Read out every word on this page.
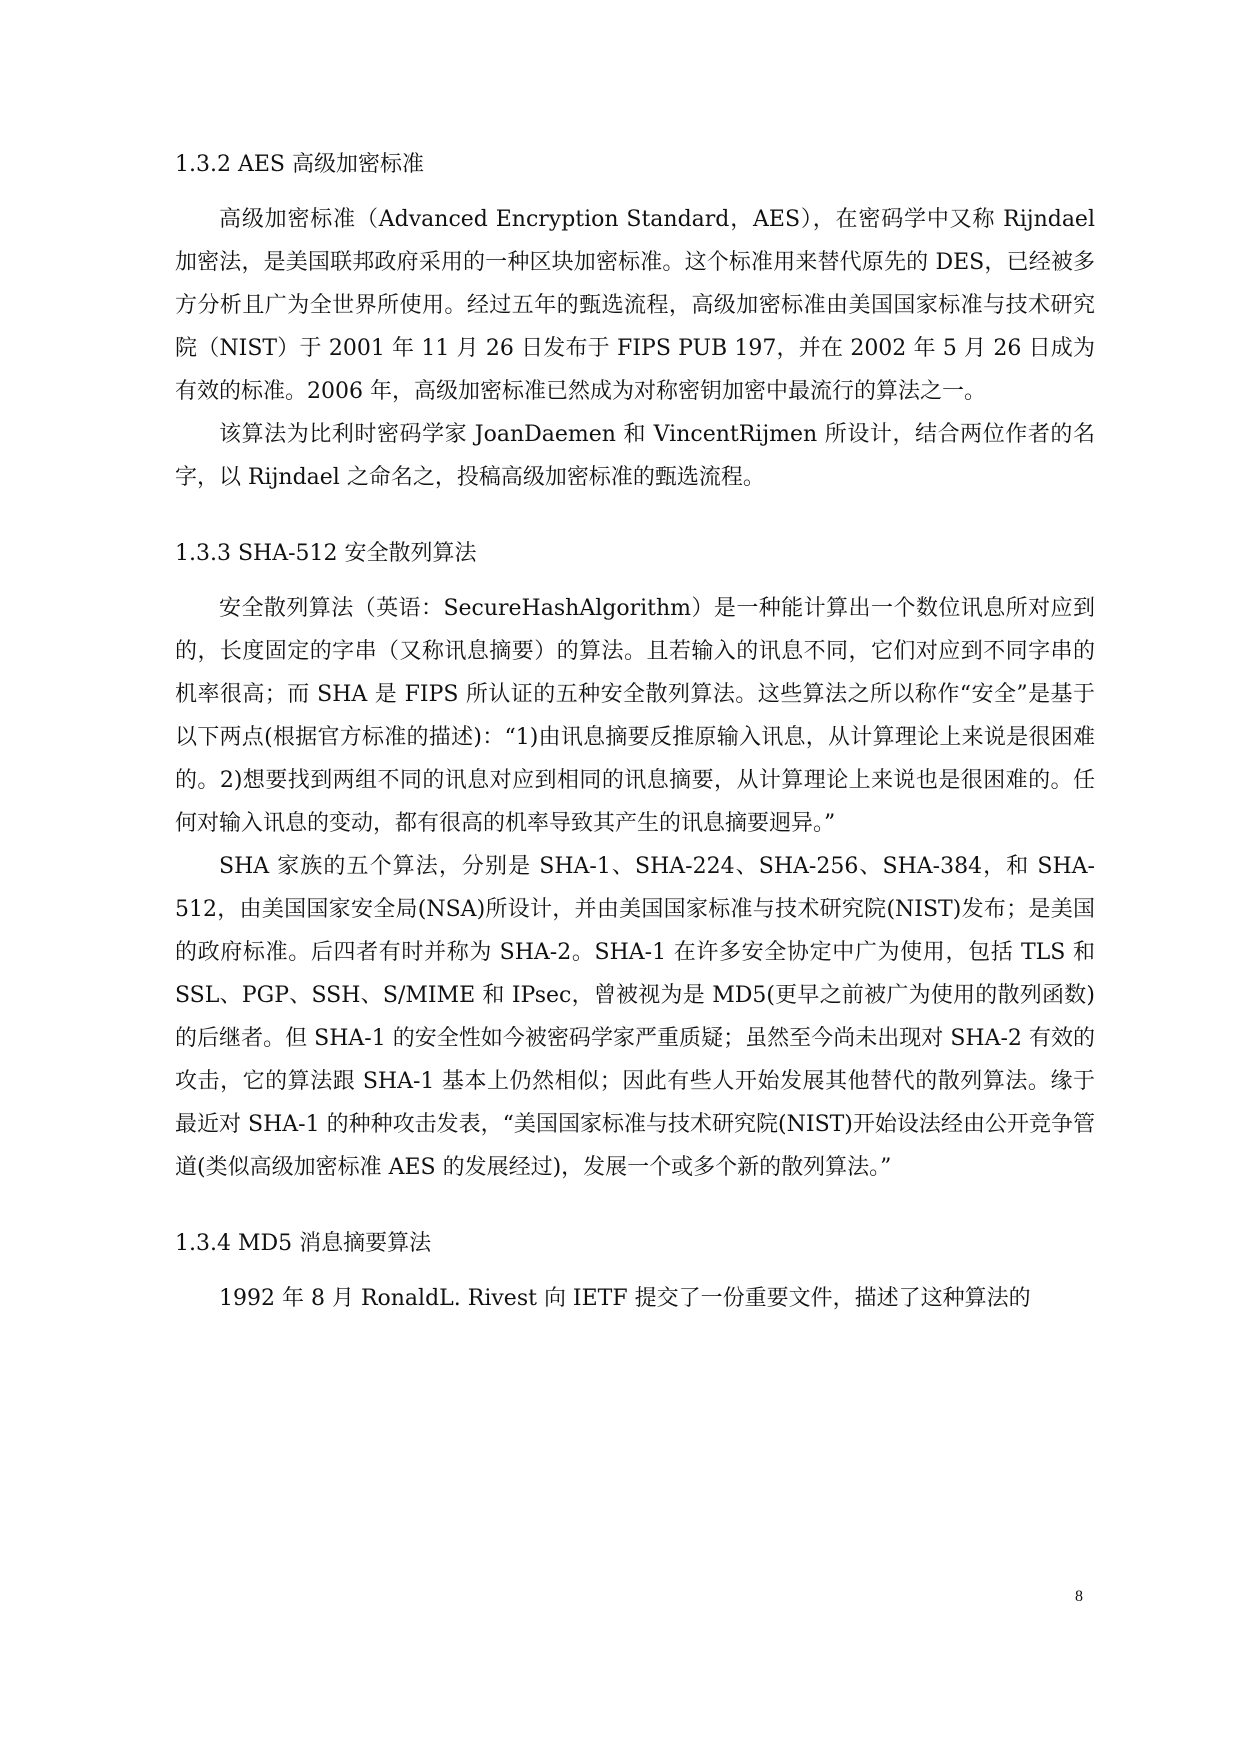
1.3.2 AES 高级加密标准

高级加密标准（Advanced Encryption Standard，AES），在密码学中又称 Rijndael 加密法，是美国联邦政府采用的一种区块加密标准。这个标准用来替代原先的 DES，已经被多方分析且广为全世界所使用。经过五年的甄选流程，高级加密标准由美国国家标准与技术研究院（NIST）于 2001 年 11 月 26 日发布于 FIPS PUB 197，并在 2002 年 5 月 26 日成为有效的标准。2006 年，高级加密标准已然成为对称密钥加密中最流行的算法之一。

该算法为比利时密码学家 JoanDaemen 和 VincentRijmen 所设计，结合两位作者的名字，以 Rijndael 之命名之，投稿高级加密标准的甄选流程。

1.3.3 SHA-512 安全散列算法

安全散列算法（英语：SecureHashAlgorithm）是一种能计算出一个数位讯息所对应到的，长度固定的字串（又称讯息摘要）的算法。且若输入的讯息不同，它们对应到不同字串的机率很高；而 SHA 是 FIPS 所认证的五种安全散列算法。这些算法之所以称作“安全”是基于以下两点(根据官方标准的描述)：“1)由讯息摘要反推原输入讯息，从计算理论上来说是很困难的。2)想要找到两组不同的讯息对应到相同的讯息摘要，从计算理论上来说也是很困难的。任何对输入讯息的变动，都有很高的机率导致其产生的讯息摘要迥异。”

SHA 家族的五个算法，分别是 SHA-1、SHA-224、SHA-256、SHA-384，和 SHA-512，由美国国家安全局(NSA)所设计，并由美国国家标准与技术研究院(NIST)发布；是美国的政府标准。后四者有时并称为 SHA-2。SHA-1 在许多安全协定中广为使用，包括 TLS 和 SSL、PGP、SSH、S/MIME 和 IPsec，曾被视为是 MD5(更早之前被广为使用的散列函数)的后继者。但 SHA-1 的安全性如今被密码学家严重质疑；虽然至今尚未出现对 SHA-2 有效的攻击，它的算法跟 SHA-1 基本上仍然相似；因此有些人开始发展其他替代的散列算法。缘于最近对 SHA-1 的种种攻击发表，“美国国家标准与技术研究院(NIST)开始设法经由公开竞争管道(类似高级加密标准 AES 的发展经过)，发展一个或多个新的散列算法。”

1.3.4 MD5 消息摘要算法

1992 年 8 月 RonaldL. Rivest 向 IETF 提交了一份重要文件，描述了这种算法的

8
